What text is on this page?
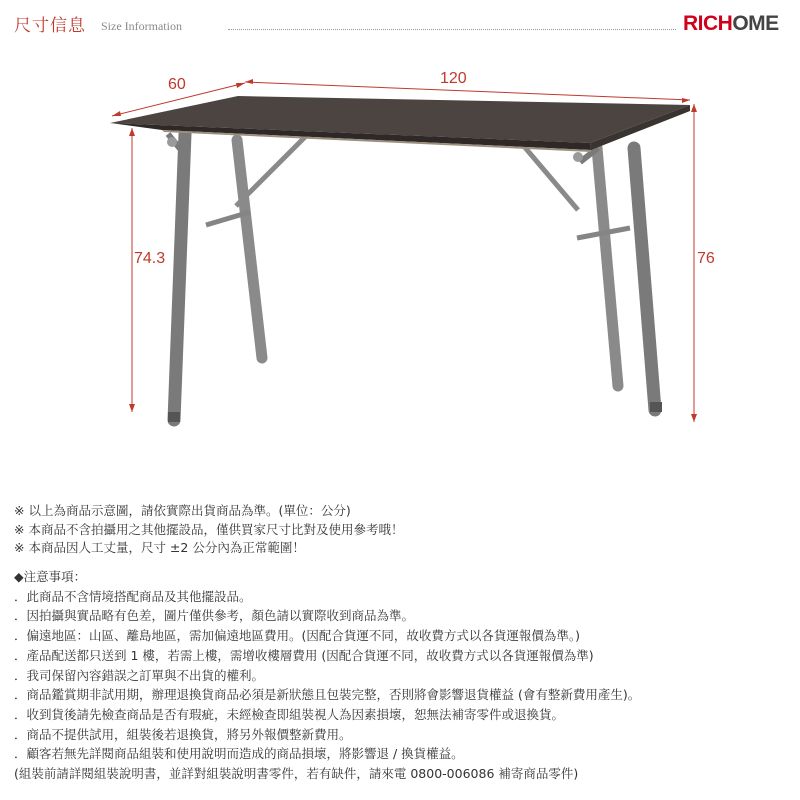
尺寸信息 Size Information	RICHOME
60	120
74.3	76
※ 以上為商品示意圖，請依實際出貨商品為準。(單位：公分)
※ 本商品不含拍攝用之其他擺設品，僅供買家尺寸比對及使用參考哦！
※ 本商品因人工丈量，尺寸 ±2 公分內為正常範圍！
◆注意事項：
．此商品不含情境搭配商品及其他擺設品。
．因拍攝與實品略有色差，圖片僅供參考，顏色請以實際收到商品為準。
．偏遠地區：山區、離島地區，需加偏遠地區費用。(因配合貨運不同，故收費方式以各貨運報價為準。)
．產品配送都只送到 1 樓，若需上樓，需增收樓層費用 (因配合貨運不同，故收費方式以各貨運報價為準)
．我司保留內容錯誤之訂單與不出貨的權利。
．商品鑑賞期非試用期，辦理退換貨商品必須是新狀態且包裝完整，否則將會影響退貨權益 (會有整新費用產生)。
．收到貨後請先檢查商品是否有瑕疵，未經檢查即組裝視人為因素損壞，恕無法補寄零件或退換貨。
．商品不提供試用，組裝後若退換貨，將另外報價整新費用。
．顧客若無先詳閱商品組裝和使用說明而造成的商品損壞，將影響退 / 換貨權益。
(組裝前請詳閱組裝說明書，並詳對組裝說明書零件，若有缺件，請來電 0800-006086 補寄商品零件)
